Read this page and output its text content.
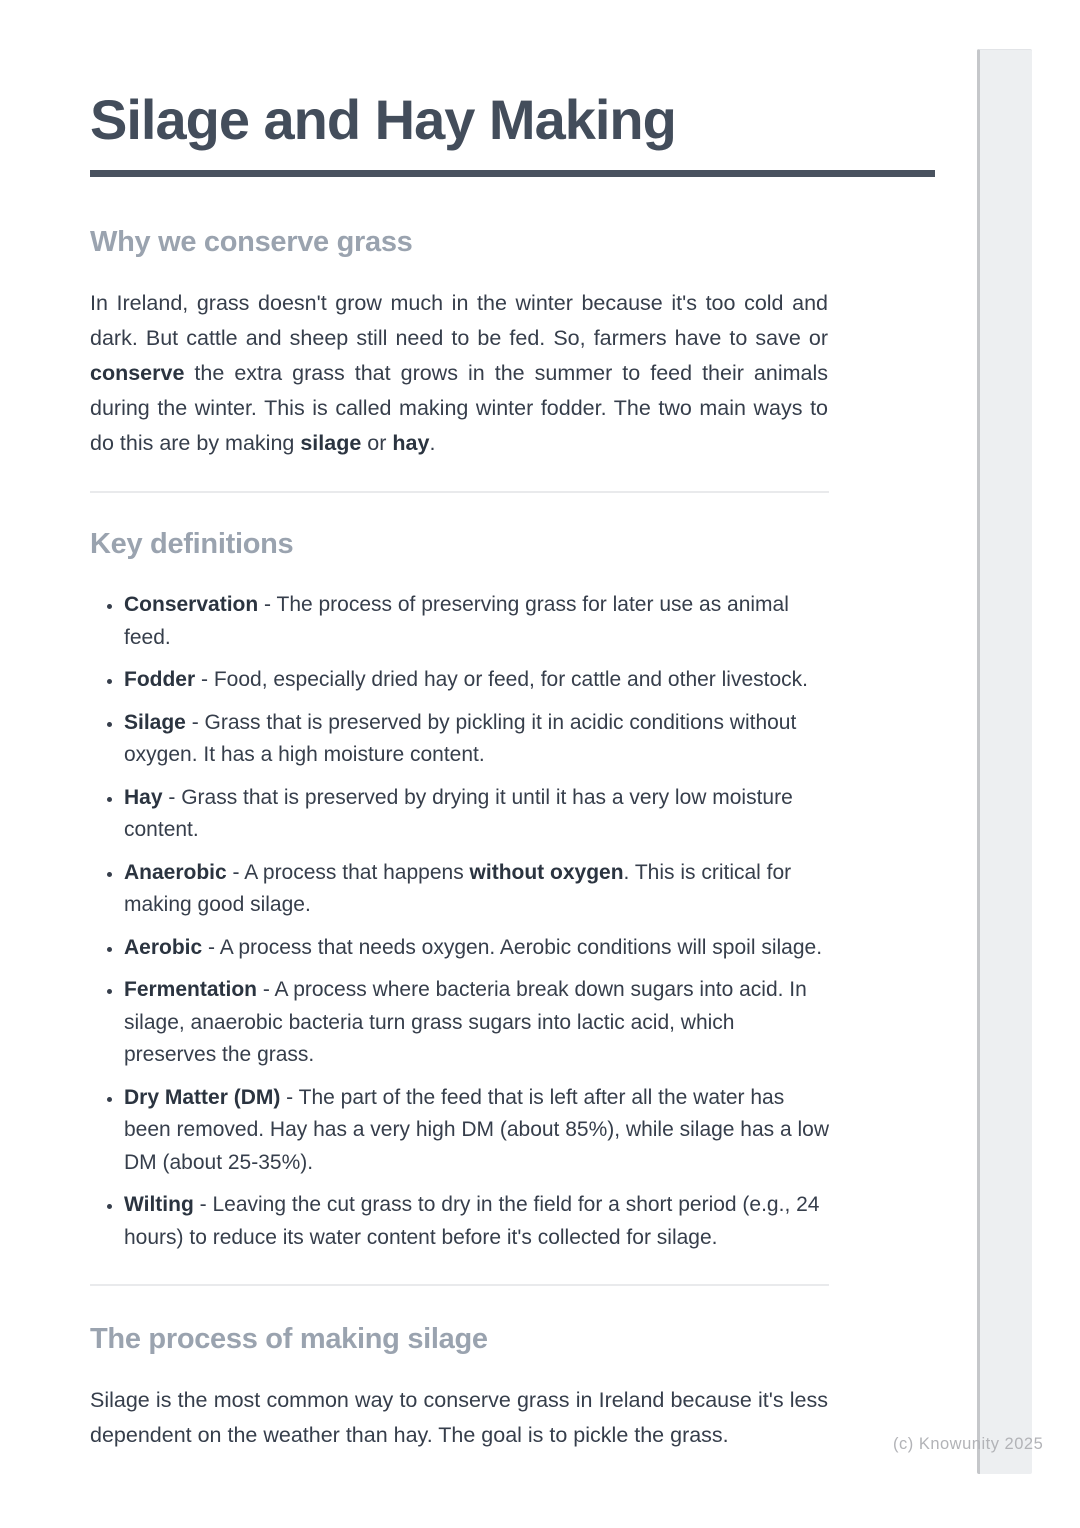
(c) Knowunity 2025
Silage and Hay Making
Why we conserve grass
In Ireland, grass doesn't grow much in the winter because it's too cold and dark. But cattle and sheep still need to be fed. So, farmers have to save or conserve the extra grass that grows in the summer to feed their animals during the winter. This is called making winter fodder. The two main ways to do this are by making silage or hay.
Key definitions
• Conservation - The process of preserving grass for later use as animal feed.
• Fodder - Food, especially dried hay or feed, for cattle and other livestock.
• Silage - Grass that is preserved by pickling it in acidic conditions without oxygen. It has a high moisture content.
• Hay - Grass that is preserved by drying it until it has a very low moisture content.
• Anaerobic - A process that happens without oxygen. This is critical for making good silage.
• Aerobic - A process that needs oxygen. Aerobic conditions will spoil silage.
• Fermentation - A process where bacteria break down sugars into acid. In silage, anaerobic bacteria turn grass sugars into lactic acid, which preserves the grass.
• Dry Matter (DM) - The part of the feed that is left after all the water has been removed. Hay has a very high DM (about 85%), while silage has a low DM (about 25-35%).
• Wilting - Leaving the cut grass to dry in the field for a short period (e.g., 24 hours) to reduce its water content before it's collected for silage.
The process of making silage
Silage is the most common way to conserve grass in Ireland because it's less dependent on the weather than hay. The goal is to pickle the grass.
